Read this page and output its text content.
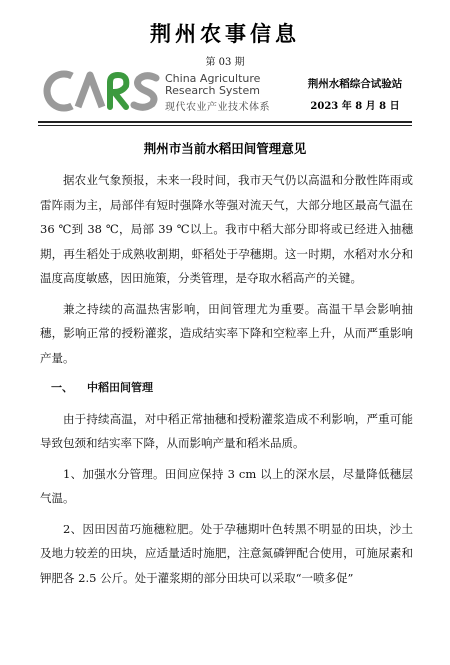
荆州农事信息
第 03 期
China Agriculture
Research System
现代农业产业技术体系
荆州水稻综合试验站
2023 年 8 月 8 日
荆州市当前水稻田间管理意见

据农业气象预报，未来一段时间，我市天气仍以高温和分散性阵雨或雷阵雨为主，局部伴有短时强降水等强对流天气，大部分地区最高气温在 36 ℃到 38 ℃，局部 39 ℃以上。我市中稻大部分即将或已经进入抽穗期，再生稻处于成熟收割期，虾稻处于孕穗期。这一时期，水稻对水分和温度高度敏感，因田施策，分类管理，是夺取水稻高产的关键。

兼之持续的高温热害影响，田间管理尤为重要。高温干旱会影响抽穗，影响正常的授粉灌浆，造成结实率下降和空粒率上升，从而严重影响产量。

一、 中稻田间管理

由于持续高温，对中稻正常抽穗和授粉灌浆造成不利影响，严重可能导致包颈和结实率下降，从而影响产量和稻米品质。

1、加强水分管理。田间应保持 3 cm 以上的深水层，尽量降低穗层气温。

2、因田因苗巧施穗粒肥。处于孕穗期叶色转黑不明显的田块，沙土及地力较差的田块，应适量适时施肥，注意氮磷钾配合使用，可施尿素和钾肥各 2.5 公斤。处于灌浆期的部分田块可以采取“一喷多促”
